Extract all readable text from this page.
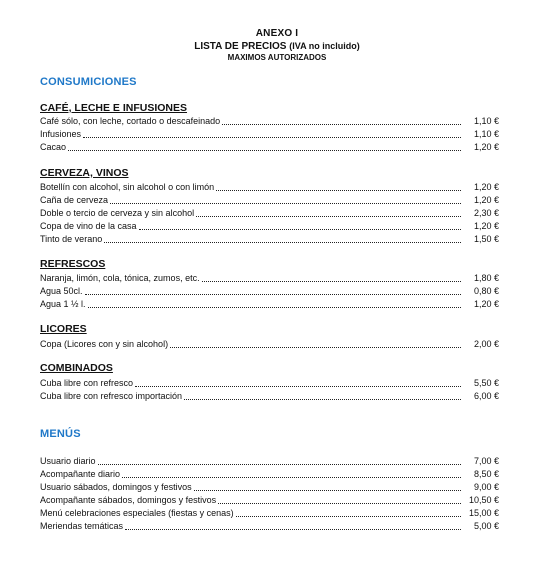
ANEXO I
LISTA DE PRECIOS (IVA no incluido)
MAXIMOS AUTORIZADOS
CONSUMICIONES
CAFÉ, LECHE E INFUSIONES
Café sólo, con leche, cortado o descafeinado	1,10 €
Infusiones	1,10 €
Cacao	1,20 €
CERVEZA, VINOS
Botellín con alcohol, sin alcohol o con limón	1,20 €
Caña de cerveza	1,20 €
Doble o tercio de cerveza y sin alcohol	2,30 €
Copa de vino de la casa	1,20 €
Tinto de verano	1,50 €
REFRESCOS
Naranja, limón, cola, tónica, zumos, etc.	1,80 €
Agua 50cl.	0,80 €
Agua 1 ½ l.	1,20 €
LICORES
Copa (Licores con y sin alcohol)	2,00 €
COMBINADOS
Cuba libre con refresco	5,50 €
Cuba libre con refresco importación	6,00 €
MENÚS
Usuario diario	7,00 €
Acompañante diario	8,50 €
Usuario sábados, domingos y festivos	9,00 €
Acompañante sábados, domingos y festivos	10,50 €
Menú celebraciones especiales (fiestas y cenas)	15,00 €
Meriendas temáticas	5,00 €
